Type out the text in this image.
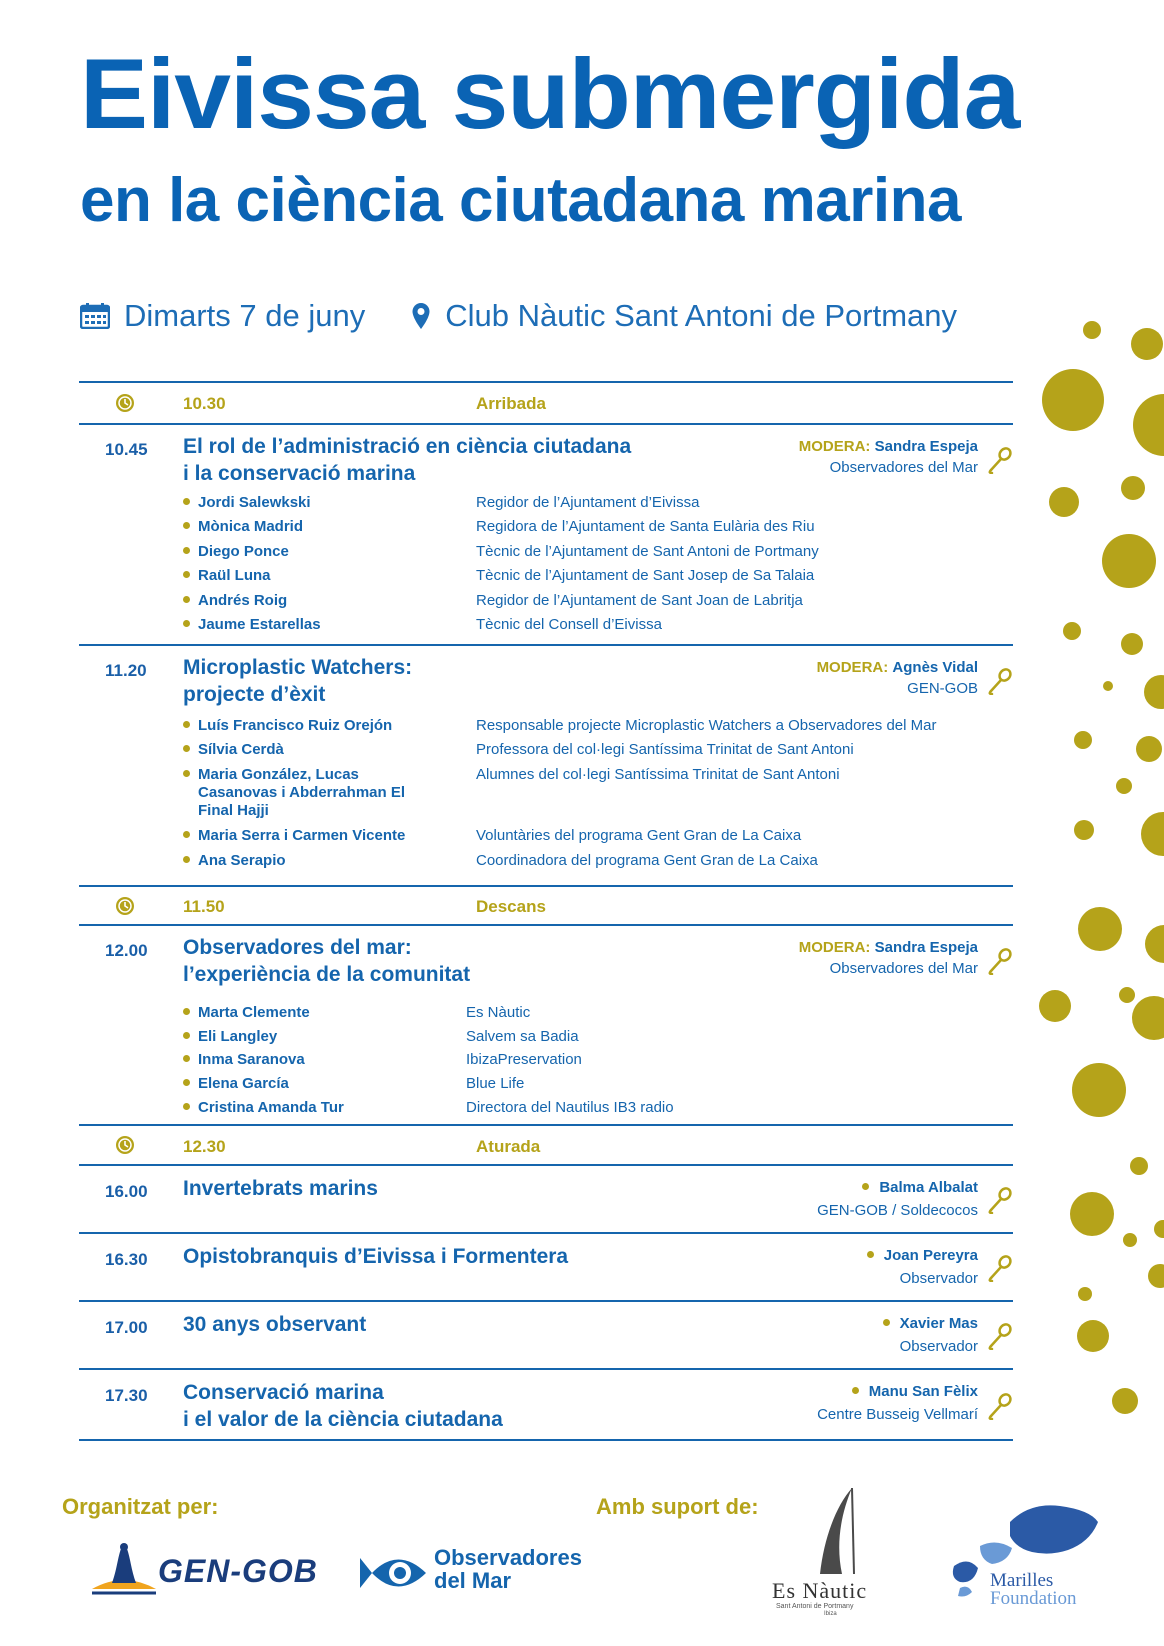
Eivissa submergida
en la ciència ciutadana marina
Dimarts 7 de juny	Club Nàutic Sant Antoni de Portmany
10.30	Arribada
10.45 El rol de l’administració en ciència ciutadana
i la conservació marina
MODERA: Sandra Espeja
Observadores del Mar
Jordi Salewkski	Regidor de l’Ajuntament d’Eivissa
Mònica Madrid	Regidora de l’Ajuntament de Santa Eulària des Riu
Diego Ponce	Tècnic de l’Ajuntament de Sant Antoni de Portmany
Raül Luna	Tècnic de l’Ajuntament de Sant Josep de Sa Talaia
Andrés Roig	Regidor de l’Ajuntament de Sant Joan de Labritja
Jaume Estarellas	Tècnic del Consell d’Eivissa
11.20 Microplastic Watchers:
projecte d’èxit
MODERA: Agnès Vidal
GEN-GOB
Luís Francisco Ruiz Orejón	Responsable projecte Microplastic Watchers a Observadores del Mar
Sílvia Cerdà	Professora del col·legi Santíssima Trinitat de Sant Antoni
Maria González, Lucas
Casanovas i Abderrahman El
Final Hajji
Alumnes del col·legi Santíssima Trinitat de Sant Antoni
Maria Serra i Carmen Vicente	Voluntàries del programa Gent Gran de La Caixa
Ana Serapio	Coordinadora del programa Gent Gran de La Caixa
11.50	Descans
12.00 Observadores del mar:
l’experiència de la comunitat
MODERA: Sandra Espeja
Observadores del Mar
Marta Clemente	Es Nàutic
Eli Langley	Salvem sa Badia
Inma Saranova	IbizaPreservation
Elena García	Blue Life
Cristina Amanda Tur	Directora del Nautilus IB3 radio
12.30	Aturada
16.00 Invertebrats marins	Balma Albalat
GEN-GOB / Soldecocos
16.30 Opistobranquis d’Eivissa i Formentera	Joan Pereyra
Observador
17.00 30 anys observant	Xavier Mas
Observador
17.30 Conservació marina
i el valor de la ciència ciutadana
Manu San Fèlix
Centre Busseig Vellmarí
Organitzat per:	Amb suport de:
GEN-GOB	Observadores
del Mar	Es Nàutic
Sant Antoni de Portmany
Ibiza
Marilles
Foundation
